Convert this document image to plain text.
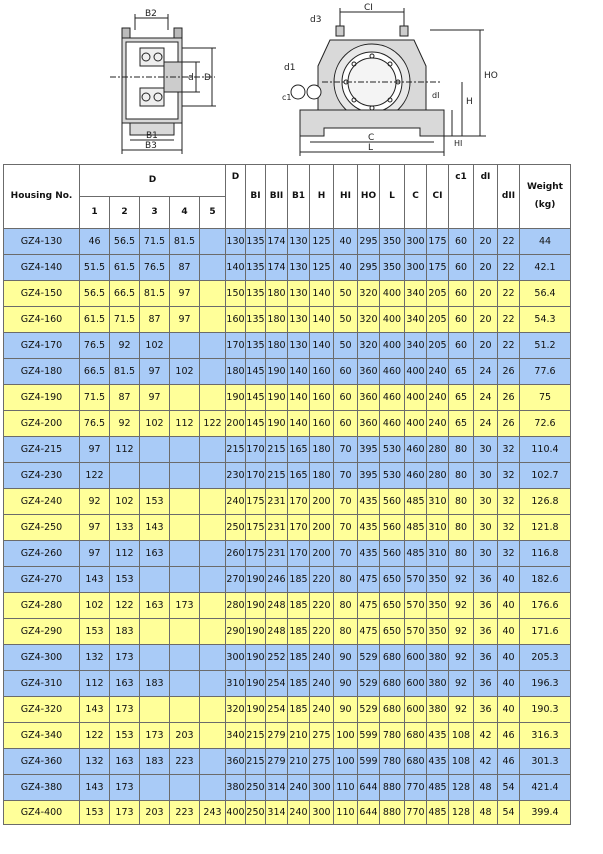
B2
d D
B1
B3
CI
d3
d1
c1	dI
HO
H
HI
C
L
Housing No.	D					D	BI	BII	B1	H	HI	HO	L	C	CI	c1	dI	dII	Weight

(kg)
	1	2	3	4	5														
GZ4-130	46	56.5	71.5	81.5		130	135	174	130	125	40	295	350	300	175	60	20	22	44
GZ4-140	51.5	61.5	76.5	87		140	135	174	130	125	40	295	350	300	175	60	20	22	42.1
GZ4-150	56.5	66.5	81.5	97		150	135	180	130	140	50	320	400	340	205	60	20	22	56.4
GZ4-160	61.5	71.5	87	97		160	135	180	130	140	50	320	400	340	205	60	20	22	54.3
GZ4-170	76.5	92	102			170	135	180	130	140	50	320	400	340	205	60	20	22	51.2
GZ4-180	66.5	81.5	97	102		180	145	190	140	160	60	360	460	400	240	65	24	26	77.6
GZ4-190	71.5	87	97			190	145	190	140	160	60	360	460	400	240	65	24	26	75
GZ4-200	76.5	92	102	112	122	200	145	190	140	160	60	360	460	400	240	65	24	26	72.6
GZ4-215	97	112				215	170	215	165	180	70	395	530	460	280	80	30	32	110.4
GZ4-230	122					230	170	215	165	180	70	395	530	460	280	80	30	32	102.7
GZ4-240	92	102	153			240	175	231	170	200	70	435	560	485	310	80	30	32	126.8
GZ4-250	97	133	143			250	175	231	170	200	70	435	560	485	310	80	30	32	121.8
GZ4-260	97	112	163			260	175	231	170	200	70	435	560	485	310	80	30	32	116.8
GZ4-270	143	153				270	190	246	185	220	80	475	650	570	350	92	36	40	182.6
GZ4-280	102	122	163	173		280	190	248	185	220	80	475	650	570	350	92	36	40	176.6
GZ4-290	153	183				290	190	248	185	220	80	475	650	570	350	92	36	40	171.6
GZ4-300	132	173				300	190	252	185	240	90	529	680	600	380	92	36	40	205.3
GZ4-310	112	163	183			310	190	254	185	240	90	529	680	600	380	92	36	40	196.3
GZ4-320	143	173				320	190	254	185	240	90	529	680	600	380	92	36	40	190.3
GZ4-340	122	153	173	203		340	215	279	210	275	100	599	780	680	435	108	42	46	316.3
GZ4-360	132	163	183	223		360	215	279	210	275	100	599	780	680	435	108	42	46	301.3
GZ4-380	143	173				380	250	314	240	300	110	644	880	770	485	128	48	54	421.4
GZ4-400	153	173	203	223	243	400	250	314	240	300	110	644	880	770	485	128	48	54	399.4
